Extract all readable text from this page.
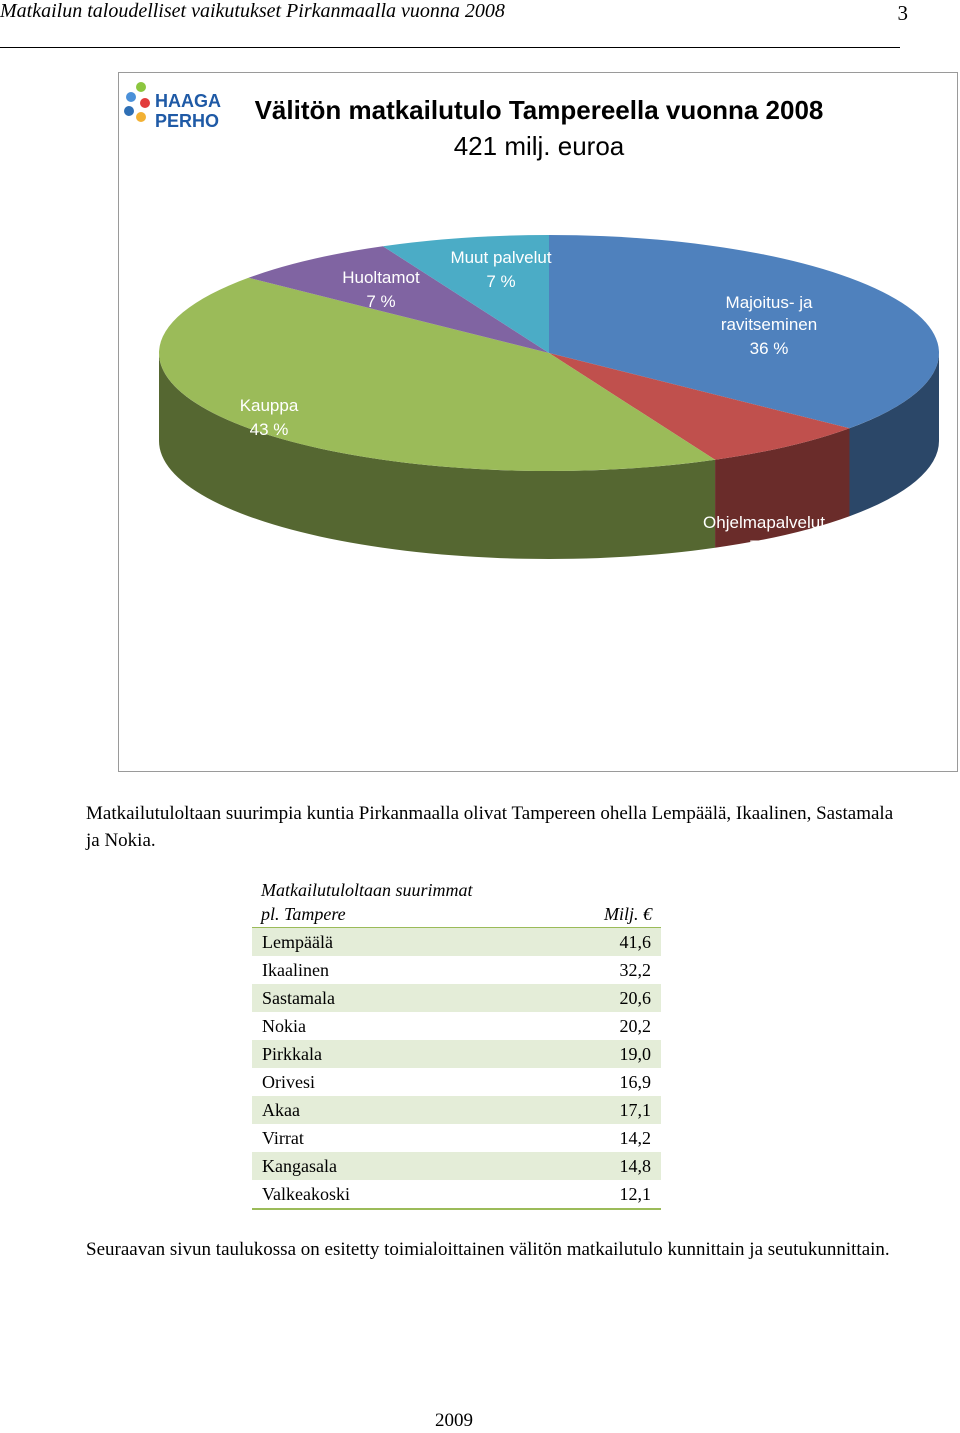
Matkailun taloudelliset vaikutukset Pirkanmaalla vuonna 2008	3
HAAGA
PERHO Välitön matkailutulo Tampereella vuonna 2008
421 milj. euroa
Majoitus- ja
ravitseminen
36 %
Ohjelmapalvelut
7 %
Kauppa
43 %
Huoltamot
7 %
Muut palvelut
7 %
Matkailutuloltaan suurimpia kuntia Pirkanmaalla olivat Tampereen ohella Lempäälä, Ikaalinen, Sastamala ja Nokia.
Matkailutuloltaan suurimmat
pl. Tampere	Milj. €
Lempäälä	41,6
Ikaalinen	32,2
Sastamala	20,6
Nokia	20,2
Pirkkala	19,0
Orivesi	16,9
Akaa	17,1
Virrat	14,2
Kangasala	14,8
Valkeakoski	12,1
Seuraavan sivun taulukossa on esitetty toimialoittainen välitön matkailutulo kunnittain ja seutukunnittain.
2009
